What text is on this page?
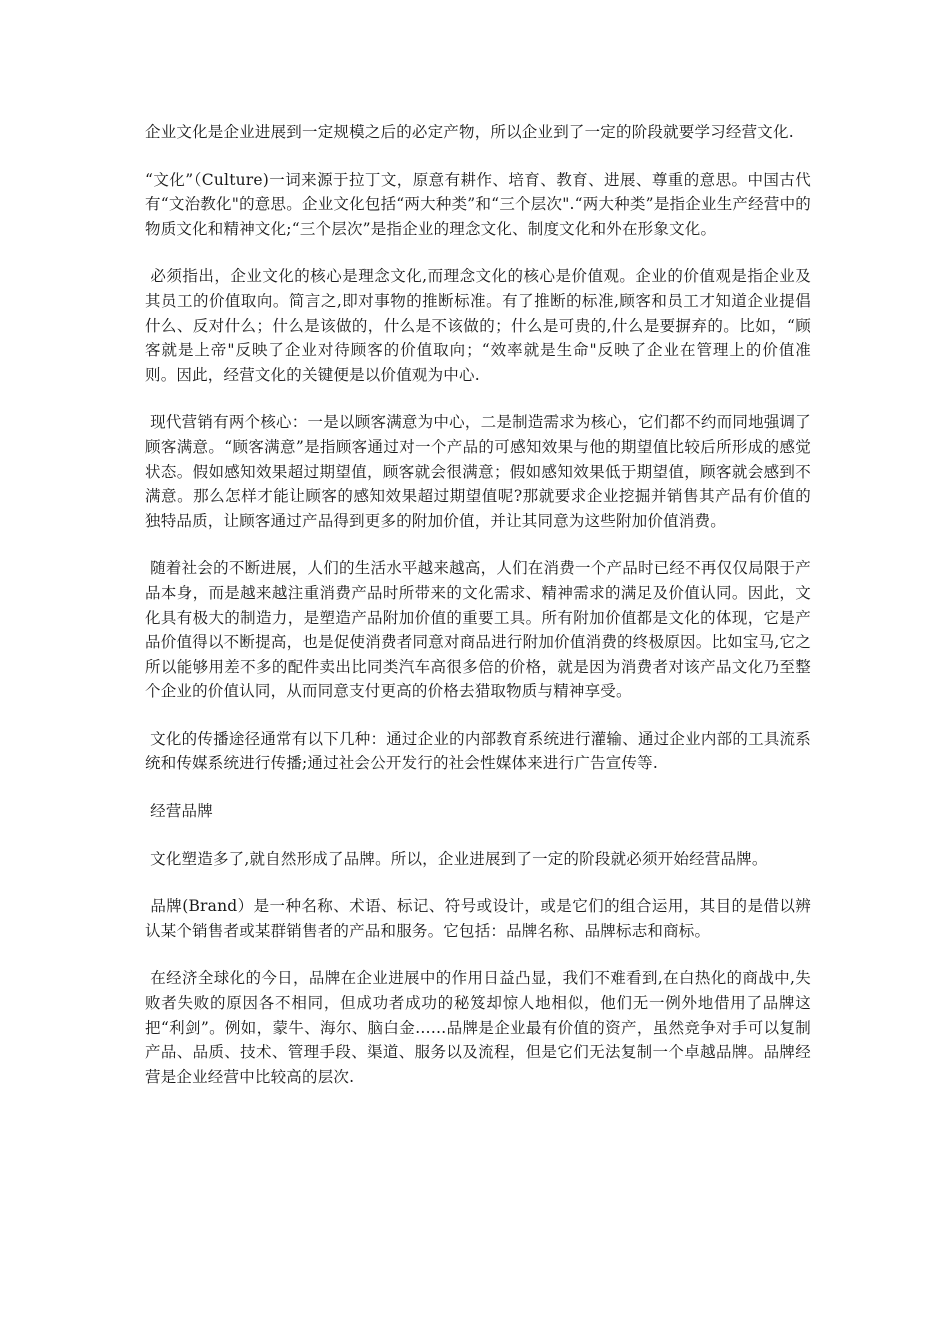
企业文化是企业进展到一定规模之后的必定产物，所以企业到了一定的阶段就要学习经营文化.

“文化”（Culture)一词来源于拉丁文，原意有耕作、培育、教育、进展、尊重的意思。中国古代有“文治教化"的意思。企业文化包括“两大种类”和“三个层次".“两大种类”是指企业生产经营中的物质文化和精神文化;“三个层次”是指企业的理念文化、制度文化和外在形象文化。

必须指出，企业文化的核心是理念文化,而理念文化的核心是价值观。企业的价值观是指企业及其员工的价值取向。简言之,即对事物的推断标准。有了推断的标准,顾客和员工才知道企业提倡什么、反对什么；什么是该做的，什么是不该做的；什么是可贵的,什么是要摒弃的。比如，“顾客就是上帝"反映了企业对待顾客的价值取向；“效率就是生命"反映了企业在管理上的价值准则。因此，经营文化的关键便是以价值观为中心.

现代营销有两个核心：一是以顾客满意为中心，二是制造需求为核心，它们都不约而同地强调了顾客满意。“顾客满意”是指顾客通过对一个产品的可感知效果与他的期望值比较后所形成的感觉状态。假如感知效果超过期望值，顾客就会很满意；假如感知效果低于期望值，顾客就会感到不满意。那么怎样才能让顾客的感知效果超过期望值呢?那就要求企业挖掘并销售其产品有价值的独特品质，让顾客通过产品得到更多的附加价值，并让其同意为这些附加价值消费。

随着社会的不断进展，人们的生活水平越来越高，人们在消费一个产品时已经不再仅仅局限于产品本身，而是越来越注重消费产品时所带来的文化需求、精神需求的满足及价值认同。因此，文化具有极大的制造力，是塑造产品附加价值的重要工具。所有附加价值都是文化的体现，它是产品价值得以不断提高，也是促使消费者同意对商品进行附加价值消费的终极原因。比如宝马,它之所以能够用差不多的配件卖出比同类汽车高很多倍的价格，就是因为消费者对该产品文化乃至整个企业的价值认同，从而同意支付更高的价格去猎取物质与精神享受。

文化的传播途径通常有以下几种：通过企业的内部教育系统进行灌输、通过企业内部的工具流系统和传媒系统进行传播;通过社会公开发行的社会性媒体来进行广告宣传等.

经营品牌

文化塑造多了,就自然形成了品牌。所以，企业进展到了一定的阶段就必须开始经营品牌。

品牌(Brand）是一种名称、术语、标记、符号或设计，或是它们的组合运用，其目的是借以辨认某个销售者或某群销售者的产品和服务。它包括：品牌名称、品牌标志和商标。

在经济全球化的今日，品牌在企业进展中的作用日益凸显，我们不难看到,在白热化的商战中,失败者失败的原因各不相同，但成功者成功的秘笈却惊人地相似，他们无一例外地借用了品牌这把“利剑”。例如，蒙牛、海尔、脑白金……品牌是企业最有价值的资产，虽然竞争对手可以复制产品、品质、技术、管理手段、渠道、服务以及流程，但是它们无法复制一个卓越品牌。品牌经营是企业经营中比较高的层次.
